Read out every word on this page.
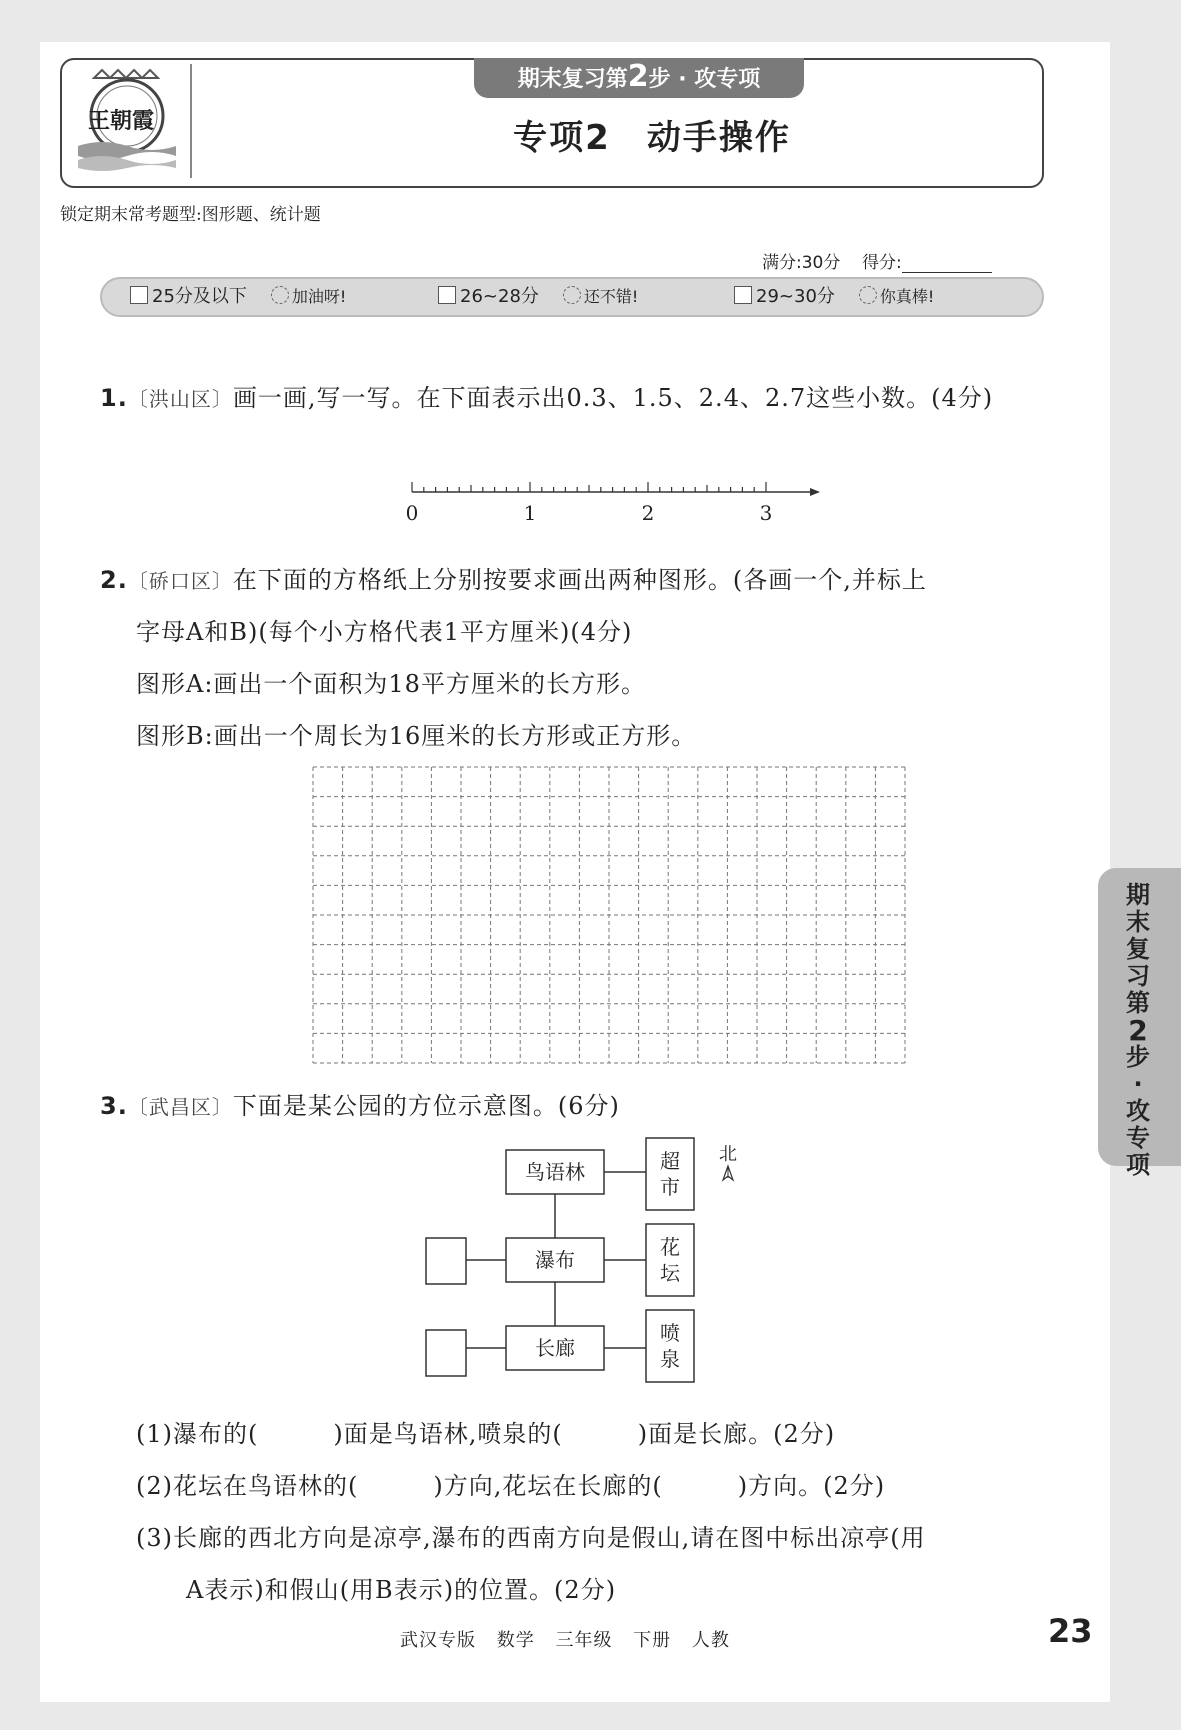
王朝霞
期末复习第2步 · 攻专项
专项2　动手操作
锁定期末常考题型:图形题、统计题
满分:30分 得分:
25分及以下	加油呀!	26~28分	还不错!	29~30分	你真棒!
1.〔洪山区〕画一画,写一写。在下面表示出0.3、1.5、2.4、2.7这些小数。(4分)
0	1	2	3
2.〔硚口区〕在下面的方格纸上分别按要求画出两种图形。(各画一个,并标上
字母A和B)(每个小方格代表1平方厘米)(4分)
图形A:画出一个面积为18平方厘米的长方形。
图形B:画出一个周长为16厘米的长方形或正方形。
3.〔武昌区〕下面是某公园的方位示意图。(6分)
鸟语林
瀑布
长廊
超
市
花
坛
喷
泉
北
(1)瀑布的(　　　)面是鸟语林,喷泉的(　　　)面是长廊。(2分)
(2)花坛在鸟语林的(　　　)方向,花坛在长廊的(　　　)方向。(2分)
(3)长廊的西北方向是凉亭,瀑布的西南方向是假山,请在图中标出凉亭(用
A表示)和假山(用B表示)的位置。(2分)
期
末
复
习
第
2
步
·
攻
专
项
武汉专版 数学 三年级 下册 人教	23
